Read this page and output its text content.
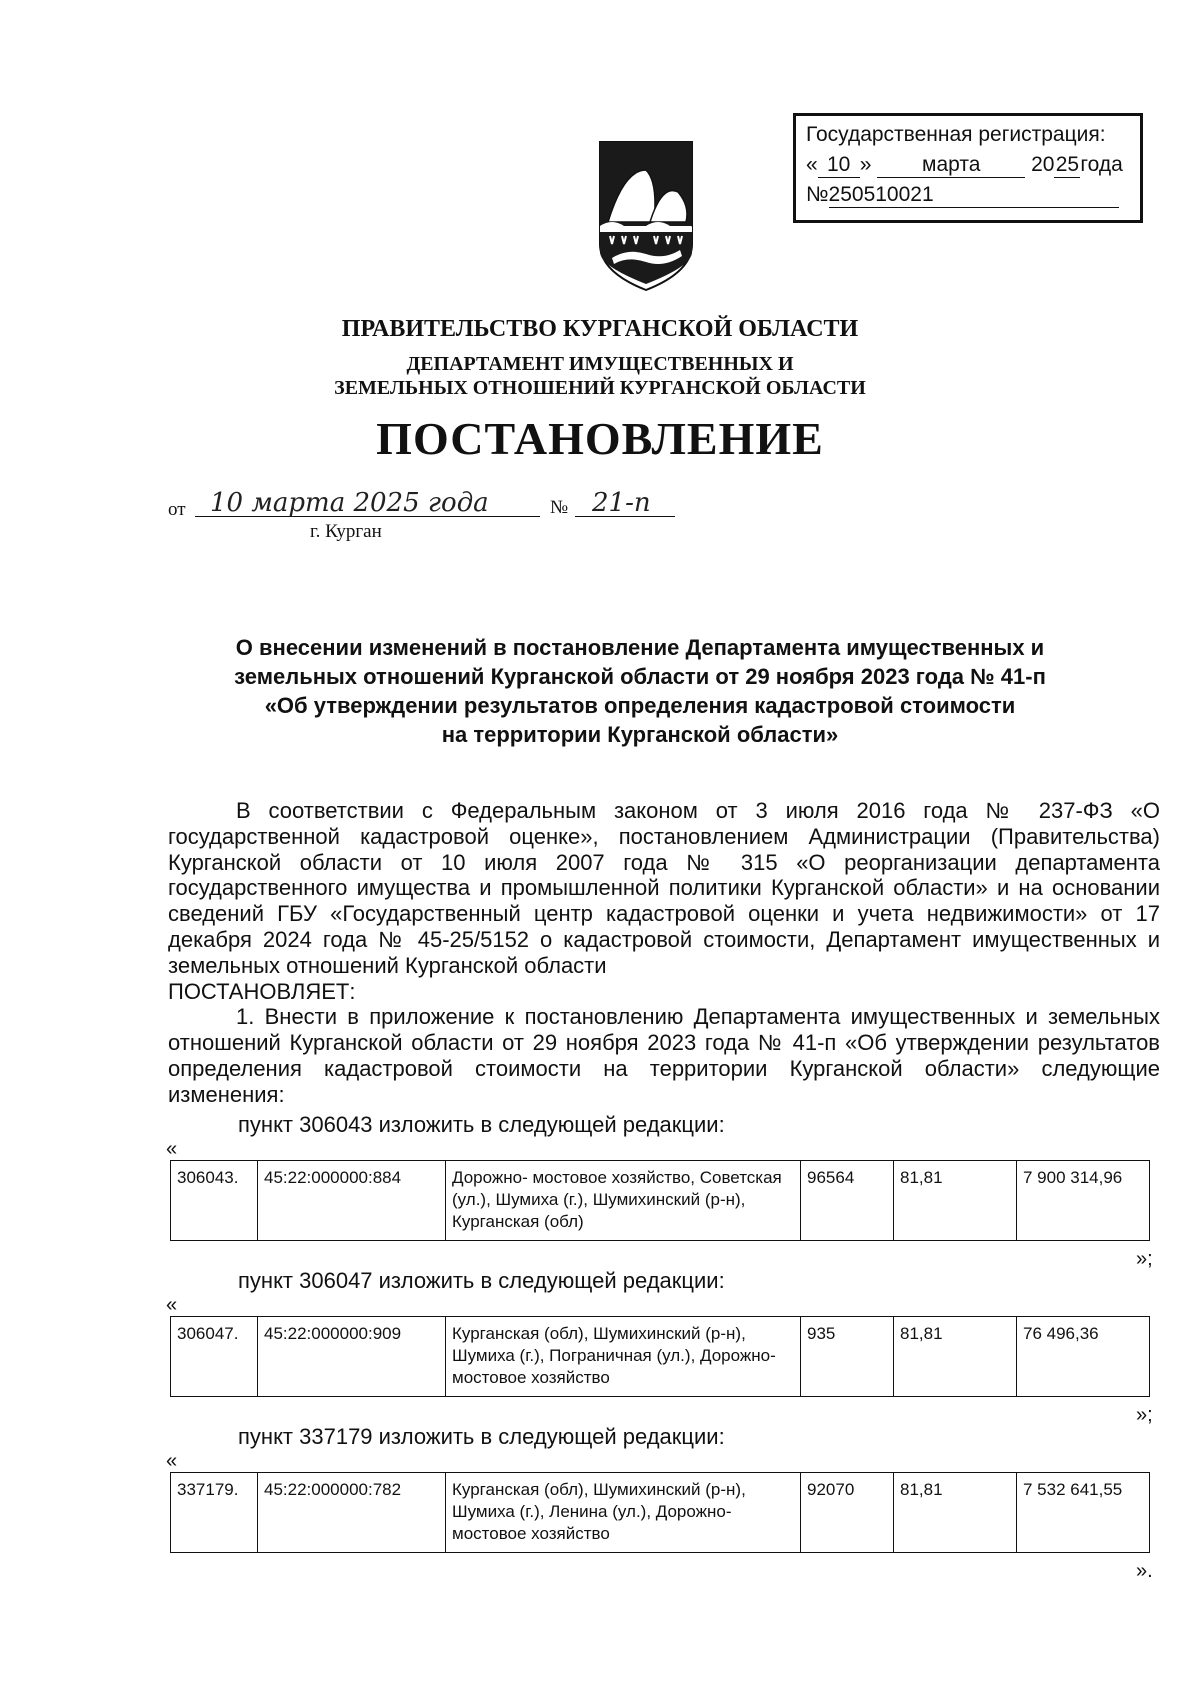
Государственная регистрация:
« 10 » марта 2025года
№250510021
ПРАВИТЕЛЬСТВО КУРГАНСКОЙ ОБЛАСТИ
ДЕПАРТАМЕНТ ИМУЩЕСТВЕННЫХ И
ЗЕМЕЛЬНЫХ ОТНОШЕНИЙ КУРГАНСКОЙ ОБЛАСТИ
ПОСТАНОВЛЕНИЕ
от 10 марта 2025 года	№ 21-п
г. Курган
О внесении изменений в постановление Департамента имущественных и
земельных отношений Курганской области от 29 ноября 2023 года № 41-п
«Об утверждении результатов определения кадастровой стоимости
на территории Курганской области»

В соответствии с Федеральным законом от 3 июля 2016 года № 237-ФЗ «О государственной кадастровой оценке», постановлением Администрации (Правительства) Курганской области от 10 июля 2007 года № 315 «О реорганизации департамента государственного имущества и промышленной политики Курганской области» и на основании сведений ГБУ «Государственный центр кадастровой оценки и учета недвижимости» от 17 декабря 2024 года № 45-25/5152 о кадастровой стоимости, Департамент имущественных и земельных отношений Курганской области

ПОСТАНОВЛЯЕТ:

1. Внести в приложение к постановлению Департамента имущественных и земельных отношений Курганской области от 29 ноября 2023 года № 41-п «Об утверждении результатов определения кадастровой стоимости на территории Курганской области» следующие изменения:

пункт 306043 изложить в следующей редакции:
«
306043.	45:22:000000:884	Дорожно- мостовое хозяйство, Советская (ул.), Шумиха (г.), Шумихинский (р-н), Курганская (обл)	96564	81,81	7 900 314,96
»;
пункт 306047 изложить в следующей редакции:
«
306047.	45:22:000000:909	Курганская (обл), Шумихинский (р-н), Шумиха (г.), Пограничная (ул.), Дорожно-мостовое хозяйство	935	81,81	76 496,36
»;
пункт 337179 изложить в следующей редакции:
«
337179.	45:22:000000:782	Курганская (обл), Шумихинский (р-н), Шумиха (г.), Ленина (ул.), Дорожно- мостовое хозяйство	92070	81,81	7 532 641,55
».
